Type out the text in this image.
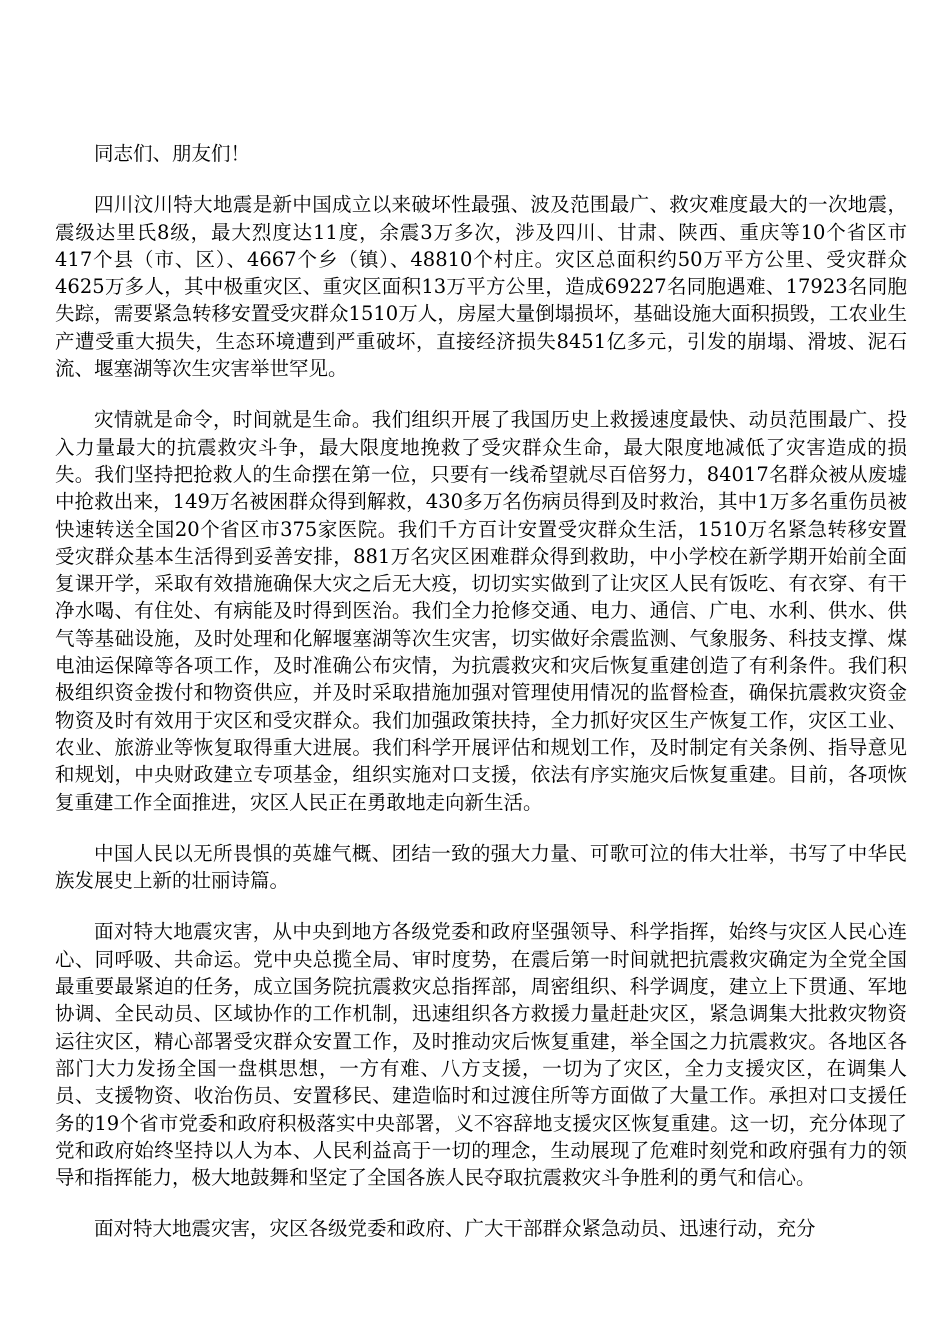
同志们、朋友们！

四川汶川特大地震是新中国成立以来破坏性最强、波及范围最广、救灾难度最大的一次地震，震级达里氏8级，最大烈度达11度，余震3万多次，涉及四川、甘肃、陕西、重庆等10个省区市417个县（市、区）、4667个乡（镇）、48810个村庄。灾区总面积约50万平方公里、受灾群众4625万多人，其中极重灾区、重灾区面积13万平方公里，造成69227名同胞遇难、17923名同胞失踪，需要紧急转移安置受灾群众1510万人，房屋大量倒塌损坏，基础设施大面积损毁，工农业生产遭受重大损失，生态环境遭到严重破坏，直接经济损失8451亿多元，引发的崩塌、滑坡、泥石流、堰塞湖等次生灾害举世罕见。

灾情就是命令，时间就是生命。我们组织开展了我国历史上救援速度最快、动员范围最广、投入力量最大的抗震救灾斗争，最大限度地挽救了受灾群众生命，最大限度地减低了灾害造成的损失。我们坚持把抢救人的生命摆在第一位，只要有一线希望就尽百倍努力，84017名群众被从废墟中抢救出来，149万名被困群众得到解救，430多万名伤病员得到及时救治，其中1万多名重伤员被快速转送全国20个省区市375家医院。我们千方百计安置受灾群众生活，1510万名紧急转移安置受灾群众基本生活得到妥善安排，881万名灾区困难群众得到救助，中小学校在新学期开始前全面复课开学，采取有效措施确保大灾之后无大疫，切切实实做到了让灾区人民有饭吃、有衣穿、有干净水喝、有住处、有病能及时得到医治。我们全力抢修交通、电力、通信、广电、水利、供水、供气等基础设施，及时处理和化解堰塞湖等次生灾害，切实做好余震监测、气象服务、科技支撑、煤电油运保障等各项工作，及时准确公布灾情，为抗震救灾和灾后恢复重建创造了有利条件。我们积极组织资金拨付和物资供应，并及时采取措施加强对管理使用情况的监督检查，确保抗震救灾资金物资及时有效用于灾区和受灾群众。我们加强政策扶持，全力抓好灾区生产恢复工作，灾区工业、农业、旅游业等恢复取得重大进展。我们科学开展评估和规划工作，及时制定有关条例、指导意见和规划，中央财政建立专项基金，组织实施对口支援，依法有序实施灾后恢复重建。目前，各项恢复重建工作全面推进，灾区人民正在勇敢地走向新生活。

中国人民以无所畏惧的英雄气概、团结一致的强大力量、可歌可泣的伟大壮举，书写了中华民族发展史上新的壮丽诗篇。

面对特大地震灾害，从中央到地方各级党委和政府坚强领导、科学指挥，始终与灾区人民心连心、同呼吸、共命运。党中央总揽全局、审时度势，在震后第一时间就把抗震救灾确定为全党全国最重要最紧迫的任务，成立国务院抗震救灾总指挥部，周密组织、科学调度，建立上下贯通、军地协调、全民动员、区域协作的工作机制，迅速组织各方救援力量赶赴灾区，紧急调集大批救灾物资运往灾区，精心部署受灾群众安置工作，及时推动灾后恢复重建，举全国之力抗震救灾。各地区各部门大力发扬全国一盘棋思想，一方有难、八方支援，一切为了灾区，全力支援灾区，在调集人员、支援物资、收治伤员、安置移民、建造临时和过渡住所等方面做了大量工作。承担对口支援任务的19个省市党委和政府积极落实中央部署，义不容辞地支援灾区恢复重建。这一切，充分体现了党和政府始终坚持以人为本、人民利益高于一切的理念，生动展现了危难时刻党和政府强有力的领导和指挥能力，极大地鼓舞和坚定了全国各族人民夺取抗震救灾斗争胜利的勇气和信心。

面对特大地震灾害，灾区各级党委和政府、广大干部群众紧急动员、迅速行动，充分
